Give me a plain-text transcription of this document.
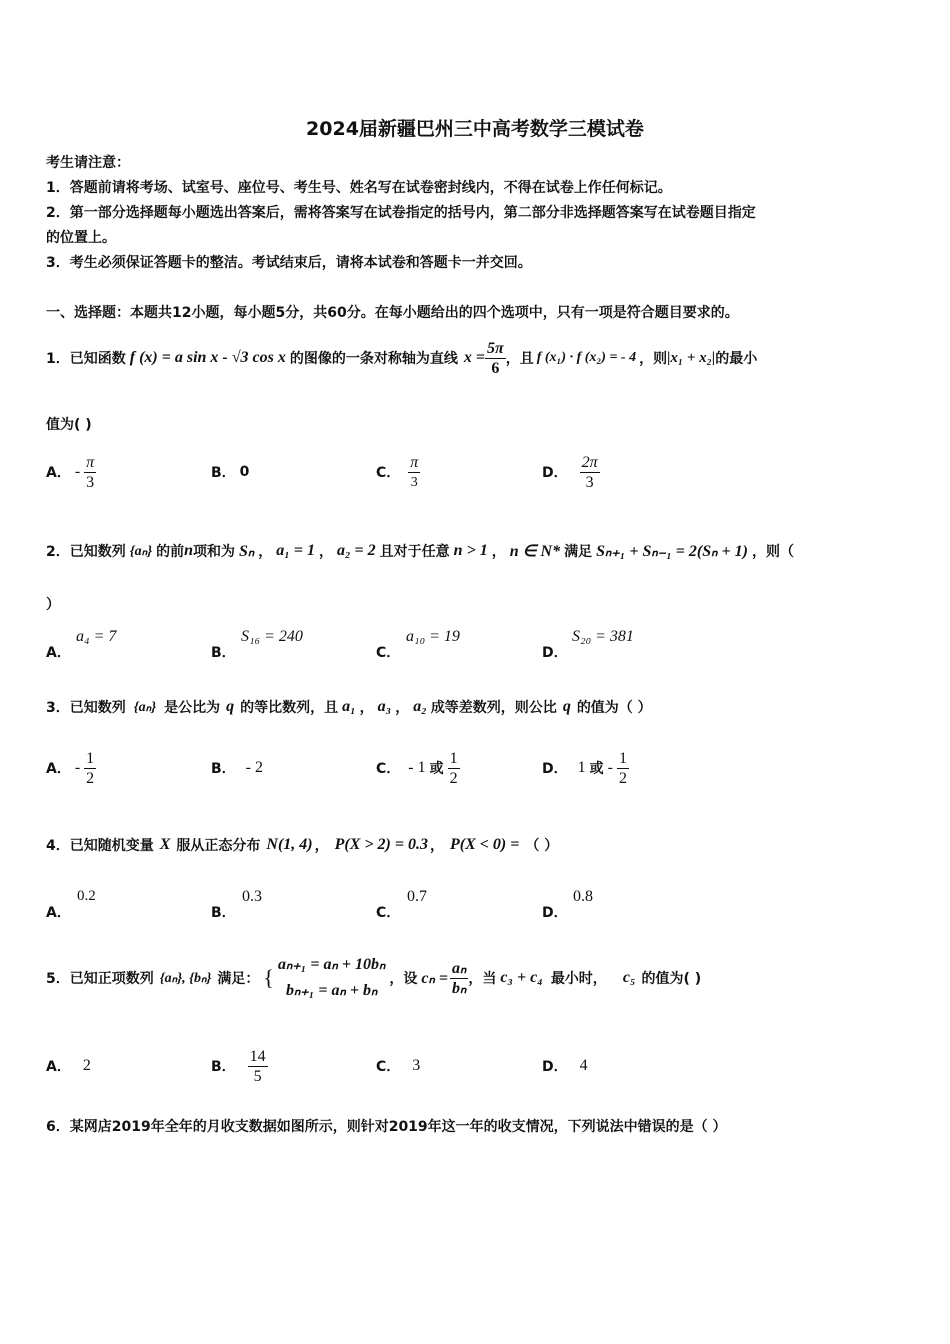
2024届新疆巴州三中高考数学三模试卷
考生请注意：
1．答题前请将考场、试室号、座位号、考生号、姓名写在试卷密封线内，不得在试卷上作任何标记。
2．第一部分选择题每小题选出答案后，需将答案写在试卷指定的括号内，第二部分非选择题答案写在试卷题目指定
的位置上。
3．考生必须保证答题卡的整洁。考试结束后，请将本试卷和答题卡一并交回。
一、选择题：本题共12小题，每小题5分，共60分。在每小题给出的四个选项中，只有一项是符合题目要求的。
1．已知函数 f (x) = a sin x - √3 cos x 的图像的一条对称轴为直线 $x = \frac{5\pi}{6}$ ，且 f (x₁) · f (x₂) = - 4 ，则 |x₁ + x₂| 的最小
值为( )
A． - $\frac{\pi}{3}$	B． 0	C． $\frac{\pi}{3}$	D． $\frac{2\pi}{3}$
2．已知数列 {aₙ} 的前 n 项和为 Sₙ ， a₁ = 1 ， a₂ = 2 且对于任意 n > 1 ， n ∈ N* 满足 Sₙ₊₁ + Sₙ₋₁ = 2(Sₙ + 1) ，则（
）
A．
a₄ = 7
B．
S₁₆ = 240
C．
a₁₀ = 19
D．
S₂₀ = 381
3．已知数列 {aₙ} 是公比为 q 的等比数列，且 a₁ ， a₃ ， a₂ 成等差数列，则公比 q 的值为（ ）
A． - $\frac{1}{2}$	B． - 2	C． - 1 或 $\frac{1}{2}$	D． 1 或 - $\frac{1}{2}$
4．已知随机变量 X 服从正态分布 N(1, 4) ， P(X > 2) = 0.3 ， P(X < 0) = （ ）
A．
0.2
B．
0.3
C．
0.7
D．
0.8
5．已知正项数列 {aₙ}, {bₙ} 满足： {
aₙ₊₁ = aₙ + 10bₙ
bₙ₊₁ = aₙ + bₙ
，设 $c_n = \frac{\text{aₙ}}{\text{bₙ}}$ ，当 c₃ + c₄ 最小时， c₅ 的值为( )
A． 2	B． $\frac{14}{5}$	C． 3	D． 4
6．某网店2019年全年的月收支数据如图所示，则针对2019年这一年的收支情况，下列说法中错误的是（ ）
